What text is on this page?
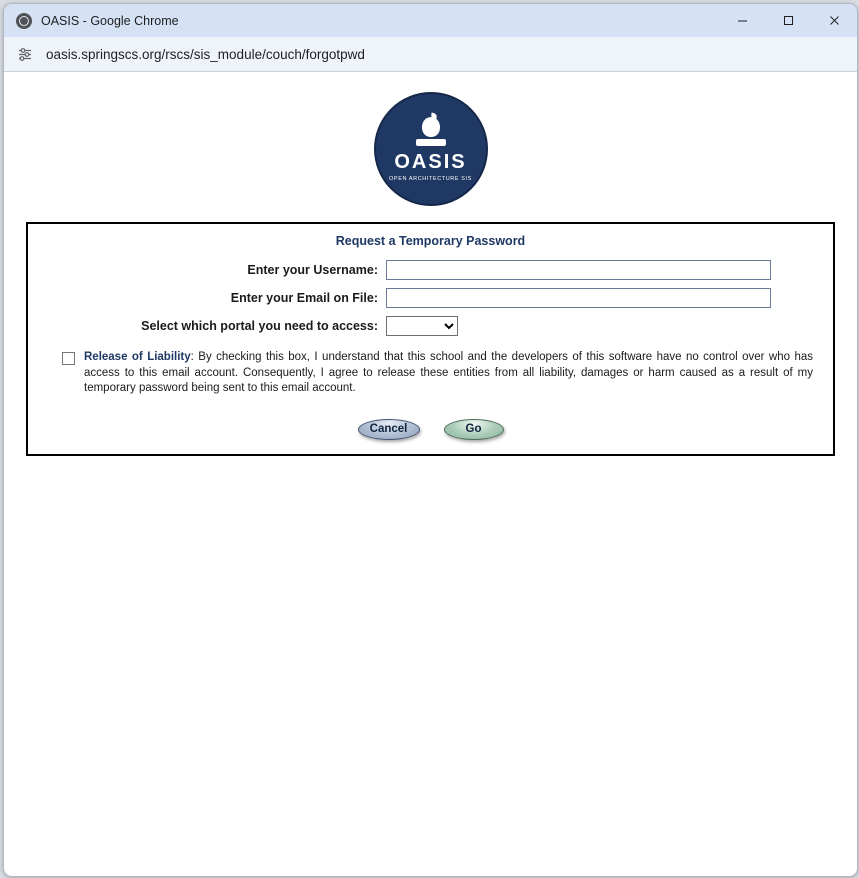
OASIS - Google Chrome
oasis.springscs.org/rscs/sis_module/couch/forgotpwd
OASIS
OPEN ARCHITECTURE SIS
Request a Temporary Password
Enter your Username:
Enter your Email on File:
Select which portal you need to access:
Release of Liability: By checking this box, I understand that this school and the developers of this software have no control over who has access to this email account. Consequently, I agree to release these entities from all liability, damages or harm caused as a result of my temporary password being sent to this email account.
Cancel	Go
